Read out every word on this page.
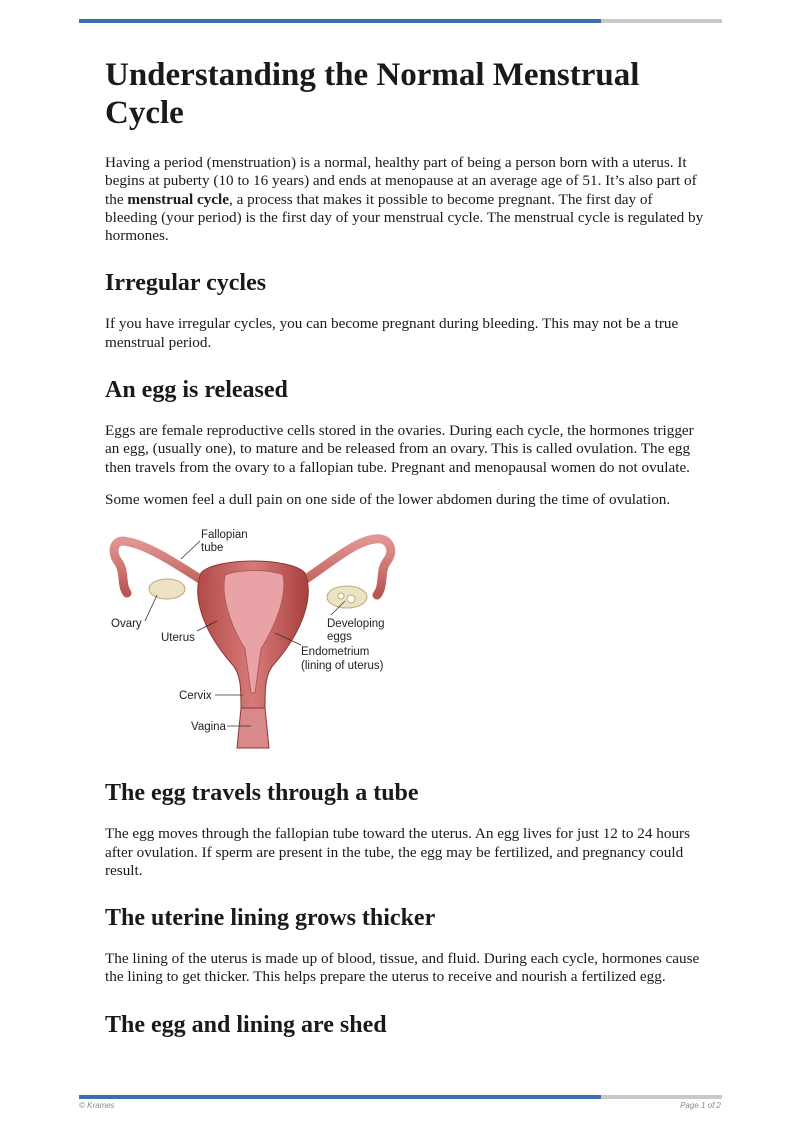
Understanding the Normal Menstrual Cycle

Having a period (menstruation) is a normal, healthy part of being a person born with a uterus. It begins at puberty (10 to 16 years) and ends at menopause at an average age of 51. It’s also part of the menstrual cycle, a process that makes it possible to become pregnant. The first day of bleeding (your period) is the first day of your menstrual cycle. The menstrual cycle is regulated by hormones.

Irregular cycles

If you have irregular cycles, you can become pregnant during bleeding. This may not be a true menstrual period.

An egg is released

Eggs are female reproductive cells stored in the ovaries. During each cycle, the hormones trigger an egg, (usually one), to mature and be released from an ovary. This is called ovulation. The egg then travels from the ovary to a fallopian tube. Pregnant and menopausal women do not ovulate.

Some women feel a dull pain on one side of the lower abdomen during the time of ovulation.

Fallopian
tube
Ovary
Uterus
Developing
eggs
Endometrium
(lining of uterus)
Cervix
Vagina
The egg travels through a tube

The egg moves through the fallopian tube toward the uterus. An egg lives for just 12 to 24 hours after ovulation. If sperm are present in the tube, the egg may be fertilized, and pregnancy could result.

The uterine lining grows thicker

The lining of the uterus is made up of blood, tissue, and fluid. During each cycle, hormones cause the lining to get thicker. This helps prepare the uterus to receive and nourish a fertilized egg.

The egg and lining are shed
© Krames	Page 1 of 2
